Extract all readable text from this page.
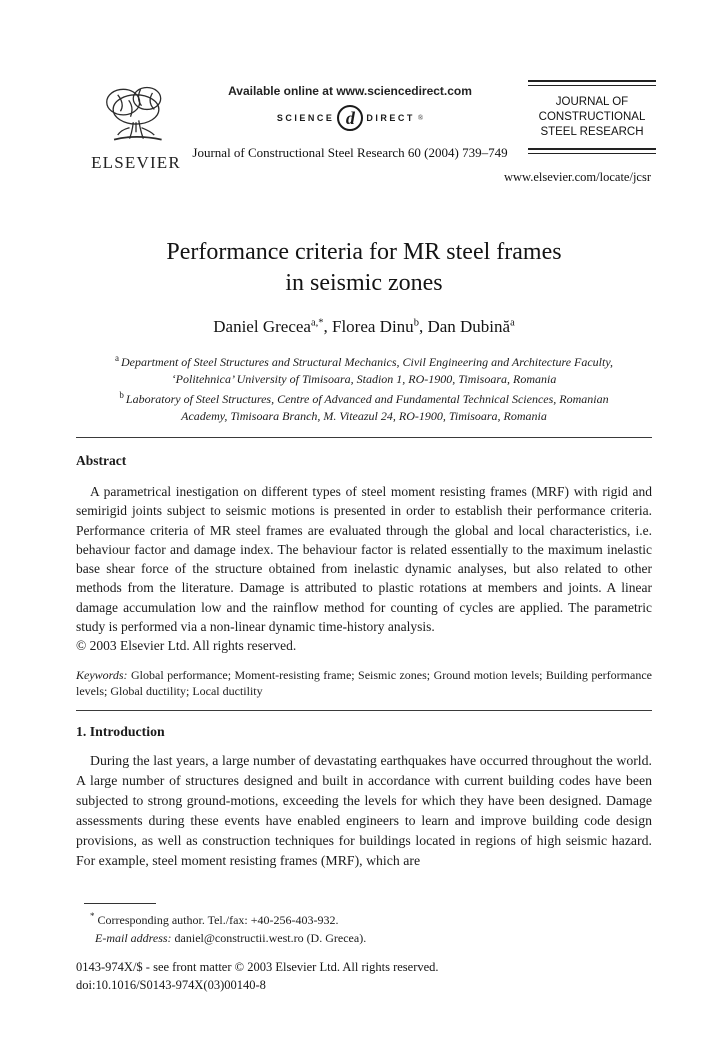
ELSEVIER
Available online at www.sciencedirect.com
SCIENCE d DIRECT ®
Journal of Constructional Steel Research 60 (2004) 739–749
JOURNAL OF
CONSTRUCTIONAL
STEEL RESEARCH
www.elsevier.com/locate/jcsr
Performance criteria for MR steel frames
in seismic zones
Daniel Grecea$^{a,*}$, Florea Dinu$^b$, Dan Dubină$^a$
$^a$ Department of Steel Structures and Structural Mechanics, Civil Engineering and Architecture Faculty,
‘Politehnica’ University of Timisoara, Stadion 1, RO-1900, Timisoara, Romania
$^b$ Laboratory of Steel Structures, Centre of Advanced and Fundamental Technical Sciences, Romanian
Academy, Timisoara Branch, M. Viteazul 24, RO-1900, Timisoara, Romania
Abstract
A parametrical inestigation on different types of steel moment resisting frames (MRF) with rigid and semirigid joints subject to seismic motions is presented in order to establish their performance criteria. Performance criteria of MR steel frames are evaluated through the global and local characteristics, i.e. behaviour factor and damage index. The behaviour factor is related essentially to the maximum inelastic base shear force of the structure obtained from inelastic dynamic analyses, but also related to other methods from the literature. Damage is attributed to plastic rotations at members and joints. A linear damage accumulation low and the rainflow method for counting of cycles are applied. The parametric study is performed via a non-linear dynamic time-history analysis.
© 2003 Elsevier Ltd. All rights reserved.
Keywords: Global performance; Moment-resisting frame; Seismic zones; Ground motion levels; Building performance levels; Global ductility; Local ductility
1. Introduction
During the last years, a large number of devastating earthquakes have occurred throughout the world. A large number of structures designed and built in accordance with current building codes have been subjected to strong ground-motions, exceeding the levels for which they have been designed. Damage assessments during these events have enabled engineers to learn and improve building code design provisions, as well as construction techniques for buildings located in regions of high seismic hazard. For example, steel moment resisting frames (MRF), which are
* Corresponding author. Tel./fax: +40-256-403-932.
E-mail address: daniel@constructii.west.ro (D. Grecea).
0143-974X/$ - see front matter © 2003 Elsevier Ltd. All rights reserved.
doi:10.1016/S0143-974X(03)00140-8
